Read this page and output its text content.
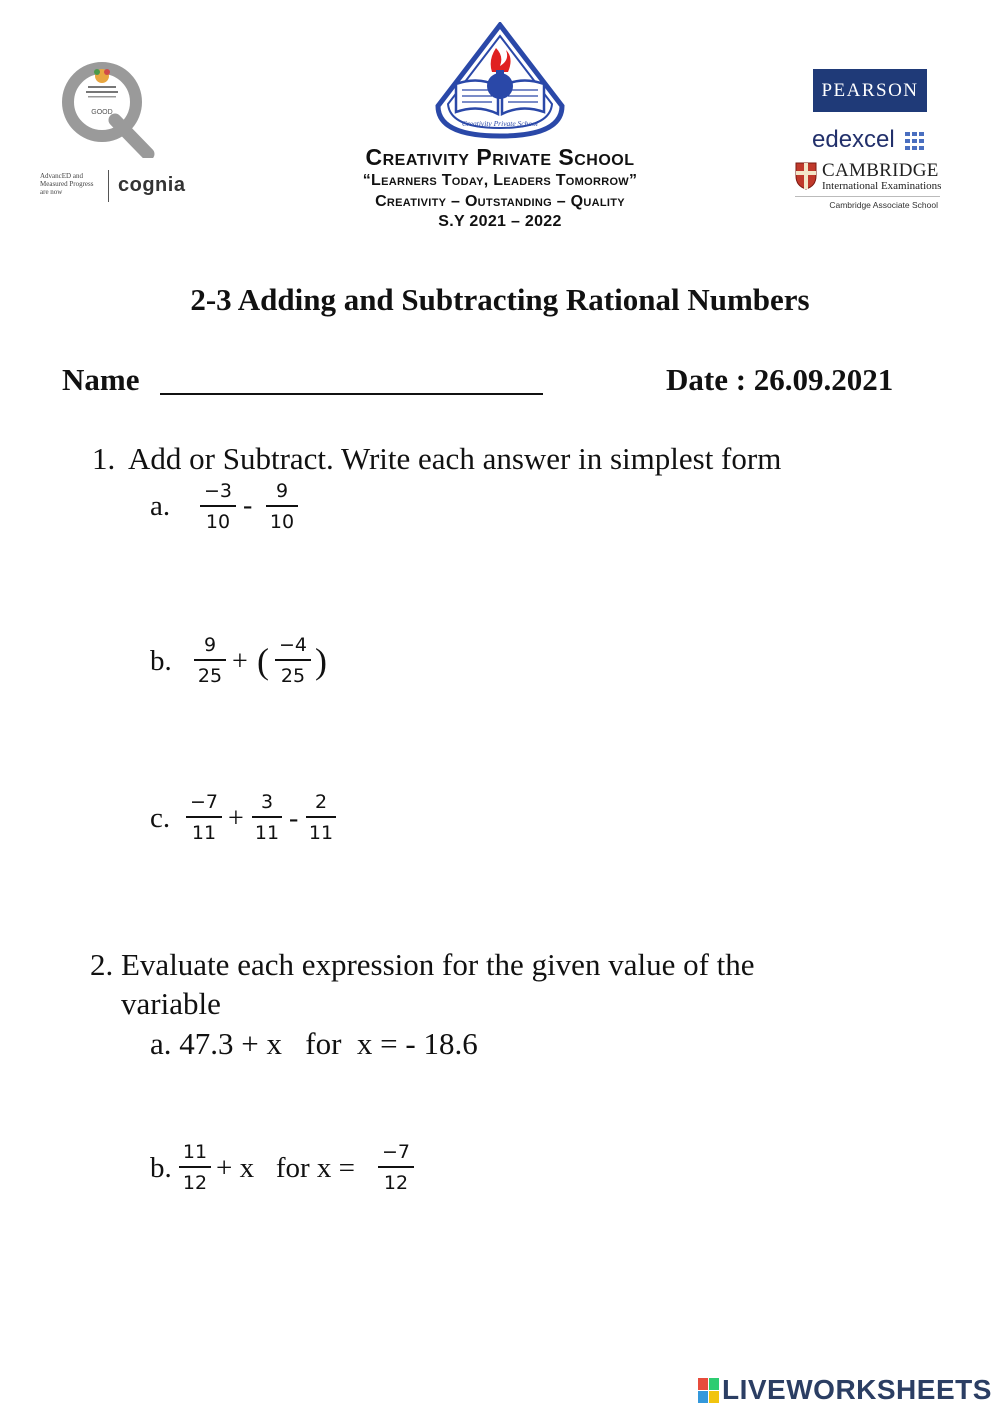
GOOD
AdvancED and Measured Progress are now	cognia
Creativity Private School
Creativity Private School
“Learners Today, Leaders Tomorrow”
Creativity – Outstanding – Quality
S.Y 2021 – 2022
PEARSON
edexcel
CAMBRIDGE
International Examinations
Cambridge Associate School
2-3 Adding and Subtracting Rational Numbers
Name	Date : 26.09.2021
1. Add or Subtract. Write each answer in simplest form
a. −3
10
-	9
10
b.	9
25 + ( −4
25 )
c. −7
11 +
3
11 -
2
11
2. Evaluate each expression for the given value of the
variable
a. 47.3 + x   for  x = - 18.6
b. 11
12 + x   for x = −7
12
LIVEWORKSHEETS
